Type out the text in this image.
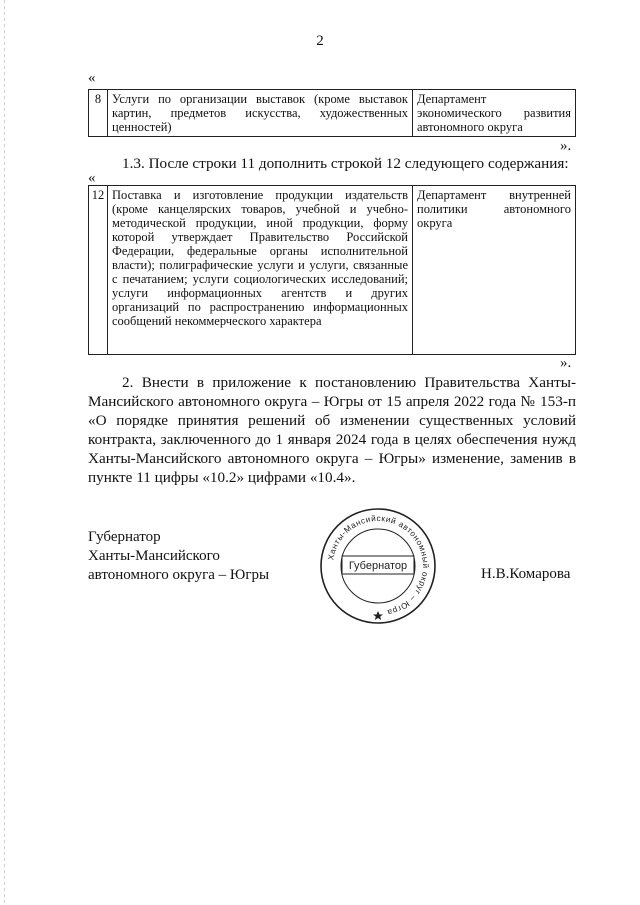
2
«
8	Услуги по организации выставок (кроме выставок картин, предметов искусства, художественных ценностей)	Департамент экономического развития автономного округа
».
1.3. После строки 11 дополнить строкой 12 следующего содержания:
«
12	Поставка и изготовление продукции издательств (кроме канцелярских товаров, учебной и учебно-методической продукции, иной продукции, форму которой утверждает Правительство Российской Федерации, федеральные органы исполнительной власти); полиграфические услуги и услуги, связанные с печатанием; услуги социологических исследований; услуги информационных агентств и других организаций по распространению информационных сообщений некоммерческого характера	Департамент внутренней политики автономного округа
».
2. Внести в приложение к постановлению Правительства Ханты-Мансийского автономного округа – Югры от 15 апреля 2022 года № 153-п «О порядке принятия решений об изменении существенных условий контракта, заключенного до 1 января 2024 года в целях обеспечения нужд Ханты-Мансийского автономного округа – Югры» изменение, заменив в пункте 11 цифры «10.2» цифрами «10.4».
Губернатор
Ханты-Мансийского
автономного округа – Югры
Ханты-Мансийский автономный округ – Югра
Губернатор	Н.В.Комарова
